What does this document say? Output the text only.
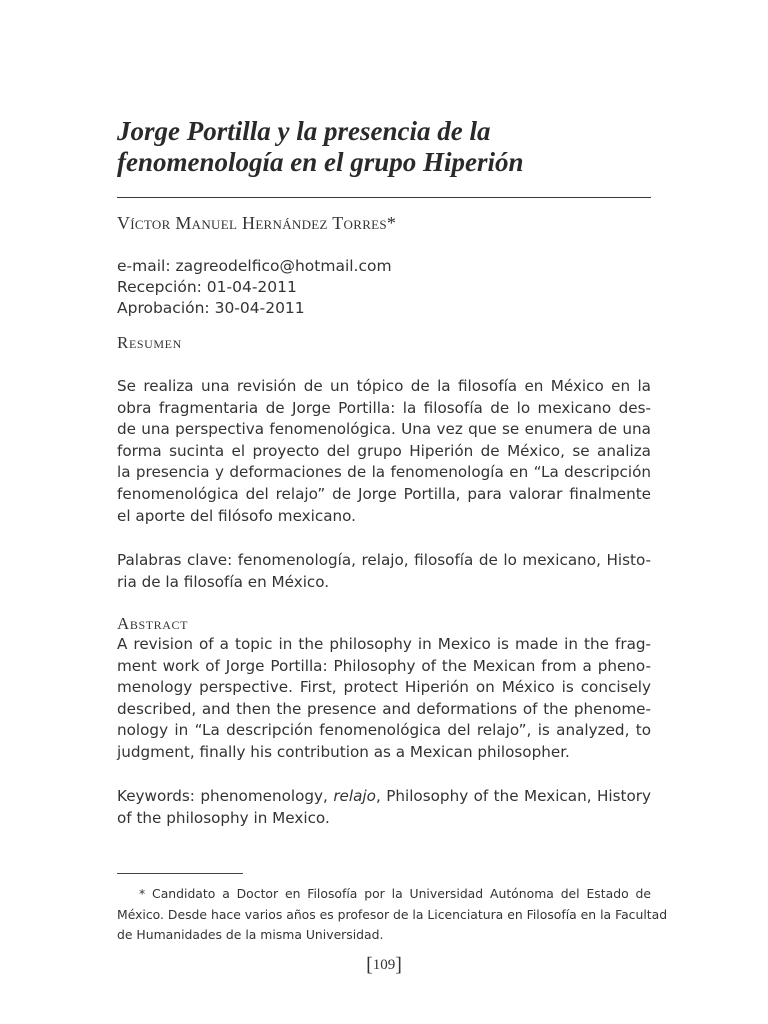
Jorge Portilla y la presencia de la
fenomenología en el grupo Hiperión
Víctor Manuel Hernández Torres*
e-mail: zagreodelfico@hotmail.com
Recepción: 01-04-2011
Aprobación: 30-04-2011
Resumen

Se realiza una revisión de un tópico de la filosofía en México en la
obra fragmentaria de Jorge Portilla: la filosofía de lo mexicano des-
de una perspectiva fenomenológica. Una vez que se enumera de una
forma sucinta el proyecto del grupo Hiperión de México, se analiza
la presencia y deformaciones de la fenomenología en “La descripción
fenomenológica del relajo” de Jorge Portilla, para valorar finalmente
el aporte del filósofo mexicano.

Palabras clave: fenomenología, relajo, filosofía de lo mexicano, Histo-
ria de la filosofía en México.

Abstract

A revision of a topic in the philosophy in Mexico is made in the frag-
ment work of Jorge Portilla: Philosophy of the Mexican from a pheno-
menology perspective. First, protect Hiperión on México is concisely
described, and then the presence and deformations of the phenome-
nology in “La descripción fenomenológica del relajo”, is analyzed, to
judgment, finally his contribution as a Mexican philosopher.

Keywords: phenomenology, relajo, Philosophy of the Mexican, History
of the philosophy in Mexico.

* Candidato a Doctor en Filosofía por la Universidad Autónoma del Estado de
México. Desde hace varios años es profesor de la Licenciatura en Filosofía en la Facultad
de Humanidades de la misma Universidad.

[109]
